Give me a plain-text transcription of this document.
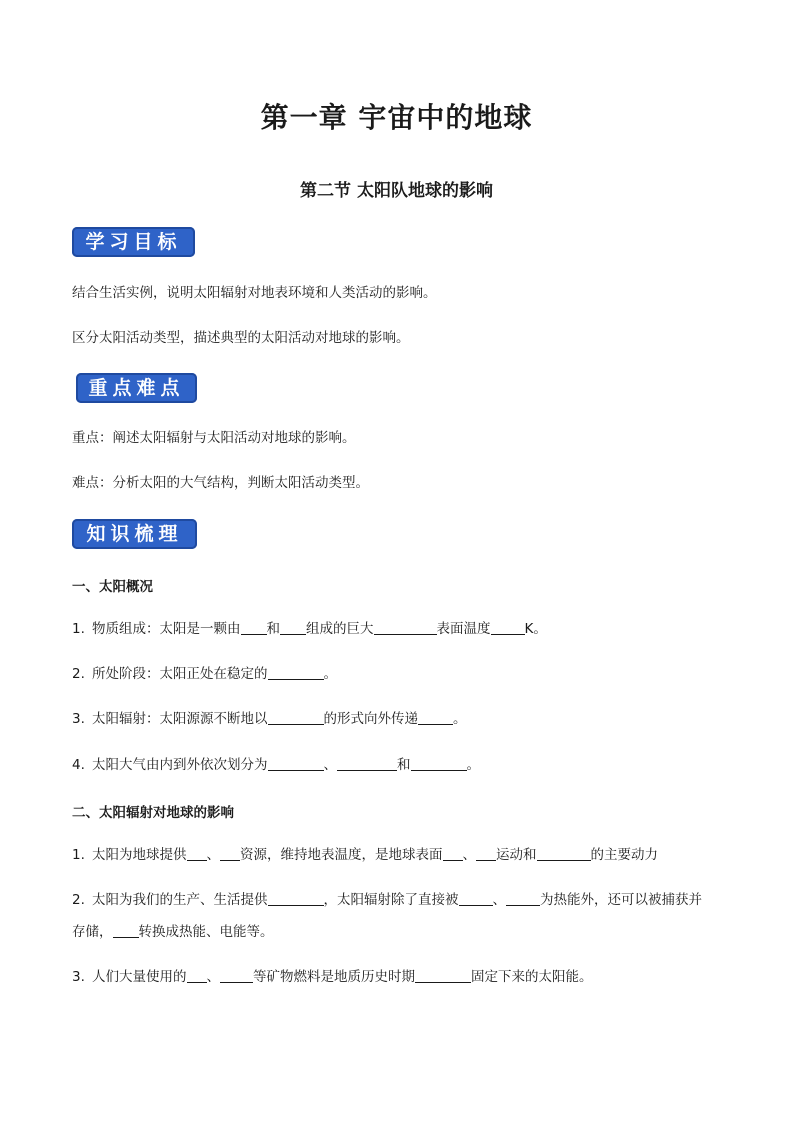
第一章 宇宙中的地球
第二节 太阳队地球的影响
学习目标
结合生活实例，说明太阳辐射对地表环境和人类活动的影响。
区分太阳活动类型，描述典型的太阳活动对地球的影响。
重点难点
重点：阐述太阳辐射与太阳活动对地球的影响。
难点：分析太阳的大气结构，判断太阳活动类型。
知识梳理
一、太阳概况
1. 物质组成：太阳是一颗由 和 组成的巨大	表面温度	K。
2. 所处阶段：太阳正处在稳定的	。
3. 太阳辐射：太阳源源不断地以	的形式向外传递	。
4. 太阳大气由内到外依次划分为	、	和	。
二、太阳辐射对地球的影响
1. 太阳为地球提供 、 资源，维持地表温度，是地球表面 、 运动和	的主要动力
2. 太阳为我们的生产、生活提供	，太阳辐射除了直接被	、	为热能外，还可以被捕获并
存储， 转换成热能、电能等。
3. 人们大量使用的 、 等矿物燃料是地质历史时期	固定下来的太阳能。
